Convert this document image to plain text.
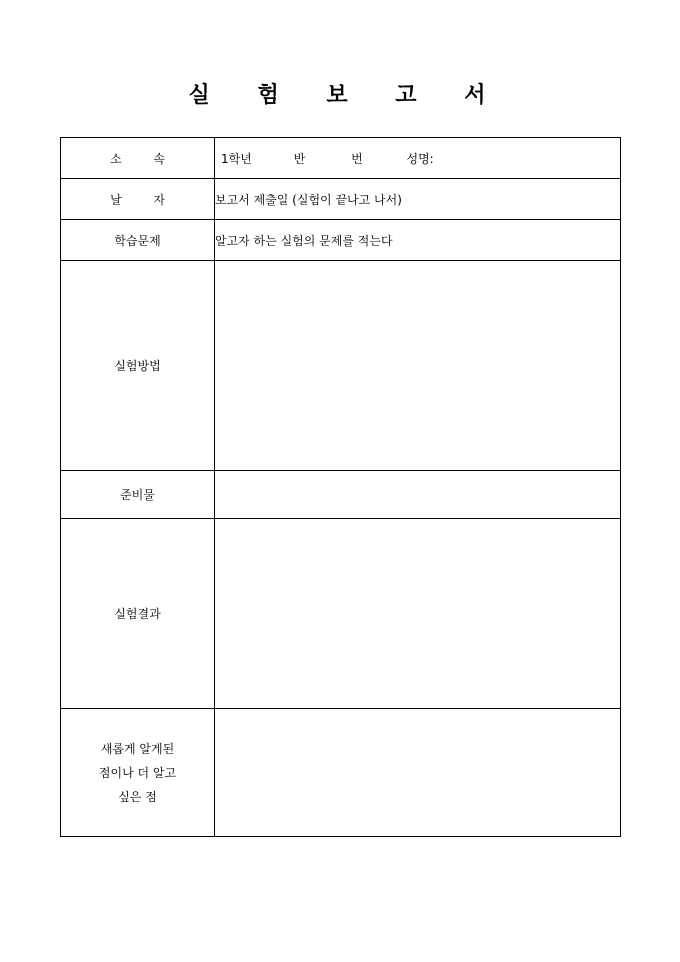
실 험 보 고 서
소 속	1학년 반 번 성명:
날 자	보고서 제출일 (실험이 끝나고 나서)
학습문제	알고자 하는 실험의 문제를 적는다
실험방법	
준비물	
실험결과	

새롭게 알게된
점이나 더 알고
싶은 점	
